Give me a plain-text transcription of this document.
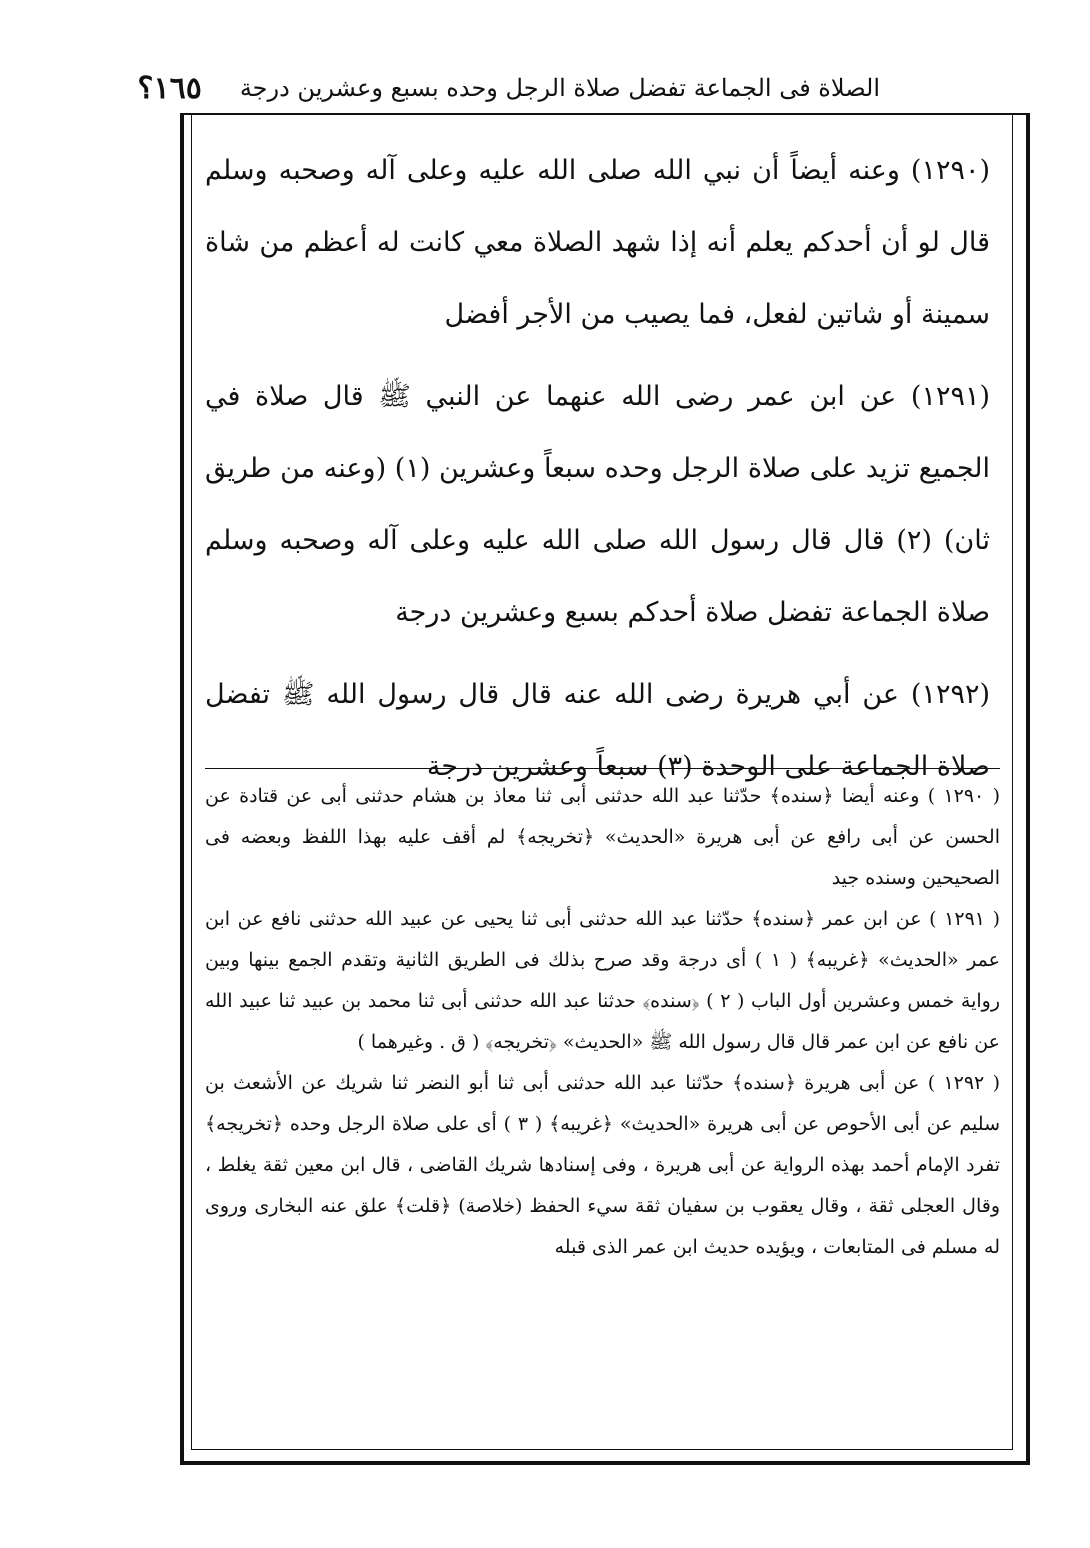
الصلاة فى الجماعة تفضل صلاة الرجل وحده بسبع وعشرين درجة
١٦٥؟

(١٢٩٠) وعنه أيضاً أن نبي الله صلى الله عليه وعلى آله وصحبه وسلم قال لو أن أحدكم يعلم أنه إذا شهد الصلاة معي كانت له أعظم من شاة سمينة أو شاتين لفعل، فما يصيب من الأجر أفضل

(١٢٩١) عن ابن عمر رضى الله عنهما عن النبي ﷺ قال صلاة في الجميع تزيد على صلاة الرجل وحده سبعاً وعشرين (١) (وعنه من طريق ثان) (٢) قال قال رسول الله صلى الله عليه وعلى آله وصحبه وسلم صلاة الجماعة تفضل صلاة أحدكم بسبع وعشرين درجة

(١٢٩٢) عن أبي هريرة رضى الله عنه قال قال رسول الله ﷺ تفضل صلاة الجماعة على الوحدة (٣) سبعاً وعشرين درجة

( ١٢٩٠ ) وعنه أيضا ﴿سنده﴾ حدّثنا عبد الله حدثنى أبى ثنا معاذ بن هشام حدثنى أبى عن قتادة عن الحسن عن أبى رافع عن أبى هريرة «الحديث» ﴿تخريجه﴾ لم أقف عليه بهذا اللفظ وبعضه فى الصحيحين وسنده جيد

( ١٢٩١ ) عن ابن عمر ﴿سنده﴾ حدّثنا عبد الله حدثنى أبى ثنا يحيى عن عبيد الله حدثنى نافع عن ابن عمر «الحديث» ﴿غريبه﴾ ( ١ ) أى درجة وقد صرح بذلك فى الطريق الثانية وتقدم الجمع بينها وبين رواية خمس وعشرين أول الباب ( ٢ ) ﴿سنده﴾ حدثنا عبد الله حدثنى أبى ثنا محمد بن عبيد ثنا عبيد الله عن نافع عن ابن عمر قال قال رسول الله ﷺ «الحديث» ﴿تخريجه﴾ ( ق . وغيرهما )

( ١٢٩٢ ) عن أبى هريرة ﴿سنده﴾ حدّثنا عبد الله حدثنى أبى ثنا أبو النضر ثنا شريك عن الأشعث بن سليم عن أبى الأحوص عن أبى هريرة «الحديث» ﴿غريبه﴾ ( ٣ ) أى على صلاة الرجل وحده ﴿تخريجه﴾ تفرد الإمام أحمد بهذه الرواية عن أبى هريرة ، وفى إسنادها شريك القاضى ، قال ابن معين ثقة يغلط ، وقال العجلى ثقة ، وقال يعقوب بن سفيان ثقة سيء الحفظ (خلاصة) ﴿قلت﴾ علق عنه البخارى وروى له مسلم فى المتابعات ، ويؤيده حديث ابن عمر الذى قبله
